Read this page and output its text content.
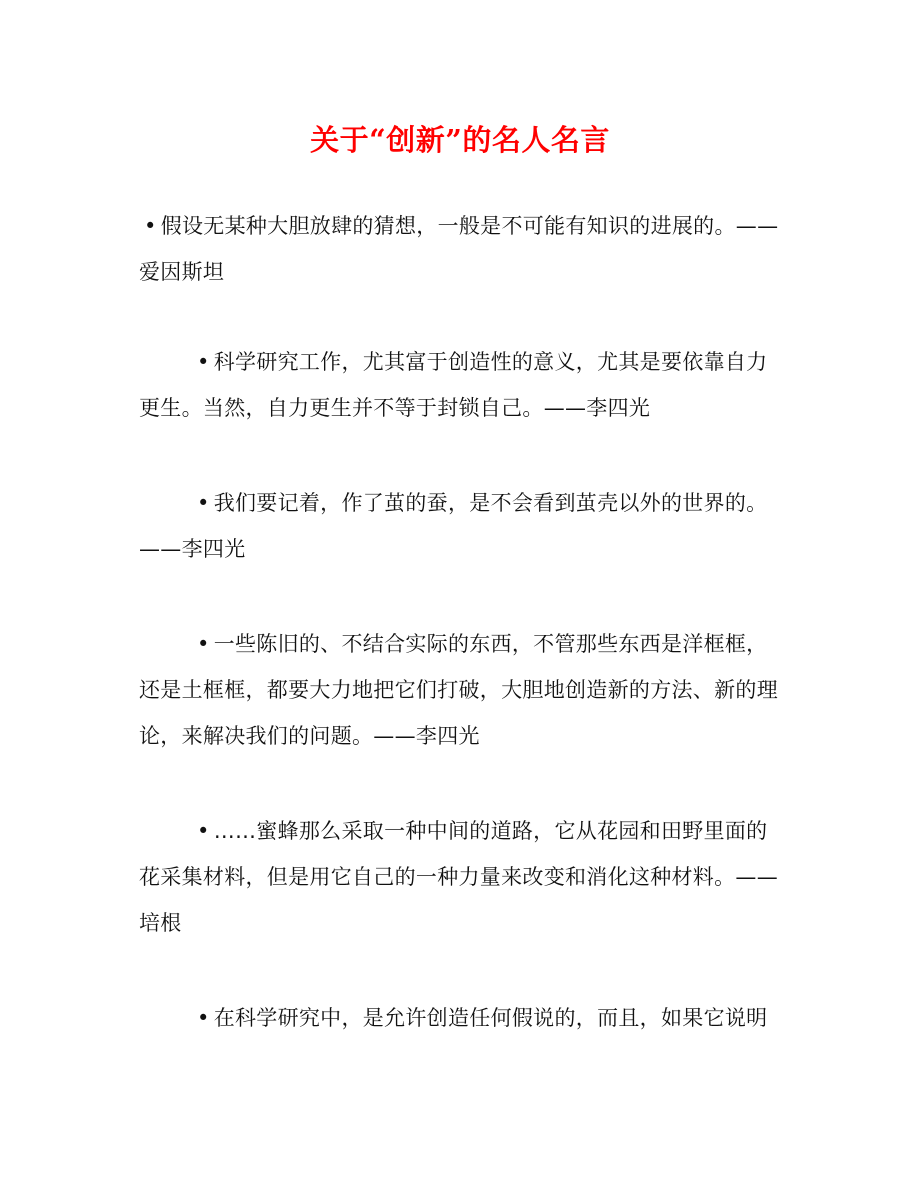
关于“创新”的名人名言

• 假设无某种大胆放肆的猜想，一般是不可能有知识的进展的。——爱因斯坦

• 科学研究工作，尤其富于创造性的意义，尤其是要依靠自力更生。当然，自力更生并不等于封锁自己。——李四光

• 我们要记着，作了茧的蚕，是不会看到茧壳以外的世界的。——李四光

• 一些陈旧的、不结合实际的东西，不管那些东西是洋框框，还是土框框，都要大力地把它们打破，大胆地创造新的方法、新的理论，来解决我们的问题。——李四光

• ……蜜蜂那么采取一种中间的道路，它从花园和田野里面的花采集材料，但是用它自己的一种力量来改变和消化这种材料。——培根

• 在科学研究中，是允许创造任何假说的，而且，如果它说明
